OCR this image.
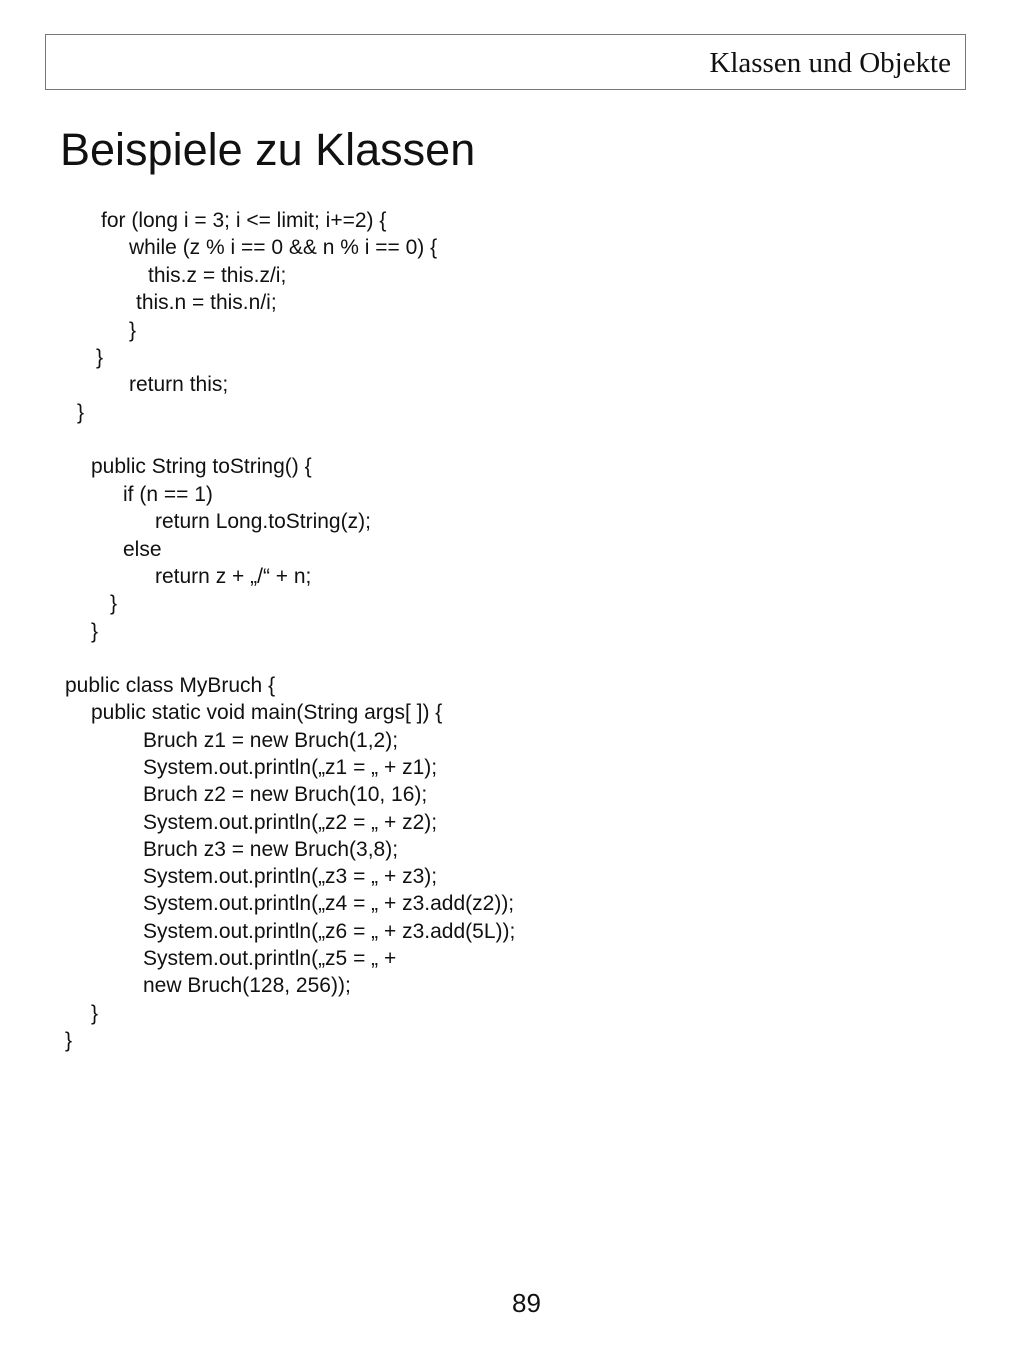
Klassen und Objekte
Beispiele zu Klassen
for (long i = 3; i <= limit; i+=2) {
while (z % i == 0 && n % i == 0) {
this.z = this.z/i;
this.n = this.n/i;
}
}
return this;
}
public String toString() {
if (n == 1)
return Long.toString(z);
else
return z + „/“ + n;
}
}
public class MyBruch {
public static void main(String args[ ]) {
Bruch z1 = new Bruch(1,2);
System.out.println(„z1 = „ + z1);
Bruch z2 = new Bruch(10, 16);
System.out.println(„z2 = „ + z2);
Bruch z3 = new Bruch(3,8);
System.out.println(„z3 = „ + z3);
System.out.println(„z4 = „ + z3.add(z2));
System.out.println(„z6 = „ + z3.add(5L));
System.out.println(„z5 = „ +
new Bruch(128, 256));
}
}
89
